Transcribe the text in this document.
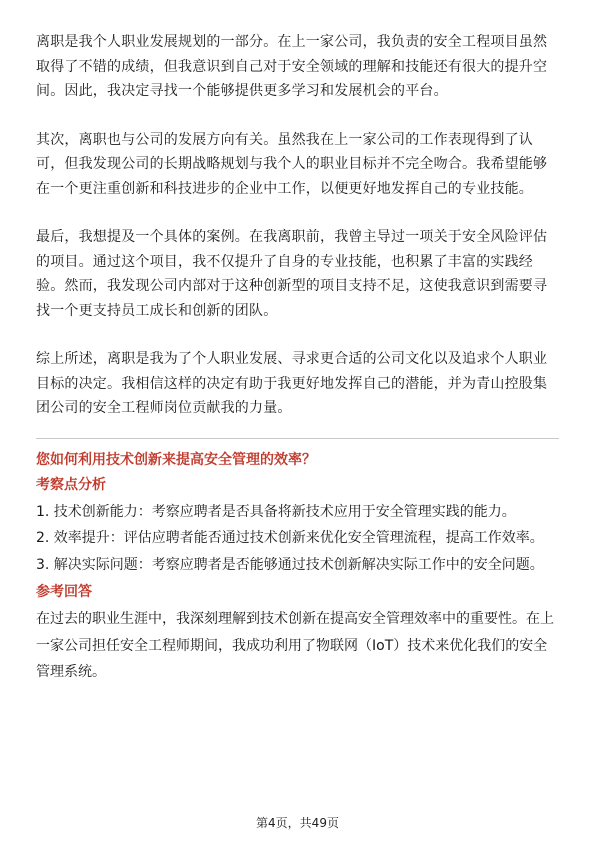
离职是我个人职业发展规划的一部分。在上一家公司，我负责的安全工程项目虽然取得了不错的成绩，但我意识到自己对于安全领域的理解和技能还有很大的提升空间。因此，我决定寻找一个能够提供更多学习和发展机会的平台。

其次，离职也与公司的发展方向有关。虽然我在上一家公司的工作表现得到了认可，但我发现公司的长期战略规划与我个人的职业目标并不完全吻合。我希望能够在一个更注重创新和科技进步的企业中工作，以便更好地发挥自己的专业技能。

最后，我想提及一个具体的案例。在我离职前，我曾主导过一项关于安全风险评估的项目。通过这个项目，我不仅提升了自身的专业技能，也积累了丰富的实践经验。然而，我发现公司内部对于这种创新型的项目支持不足，这使我意识到需要寻找一个更支持员工成长和创新的团队。

综上所述，离职是我为了个人职业发展、寻求更合适的公司文化以及追求个人职业目标的决定。我相信这样的决定有助于我更好地发挥自己的潜能，并为青山控股集团公司的安全工程师岗位贡献我的力量。

您如何利用技术创新来提高安全管理的效率？
考察点分析
1. 技术创新能力：考察应聘者是否具备将新技术应用于安全管理实践的能力。
2. 效率提升：评估应聘者能否通过技术创新来优化安全管理流程，提高工作效率。
3. 解决实际问题：考察应聘者是否能够通过技术创新解决实际工作中的安全问题。
参考回答

在过去的职业生涯中，我深刻理解到技术创新在提高安全管理效率中的重要性。在上一家公司担任安全工程师期间，我成功利用了物联网（IoT）技术来优化我们的安全管理系统。

第4页，共49页
